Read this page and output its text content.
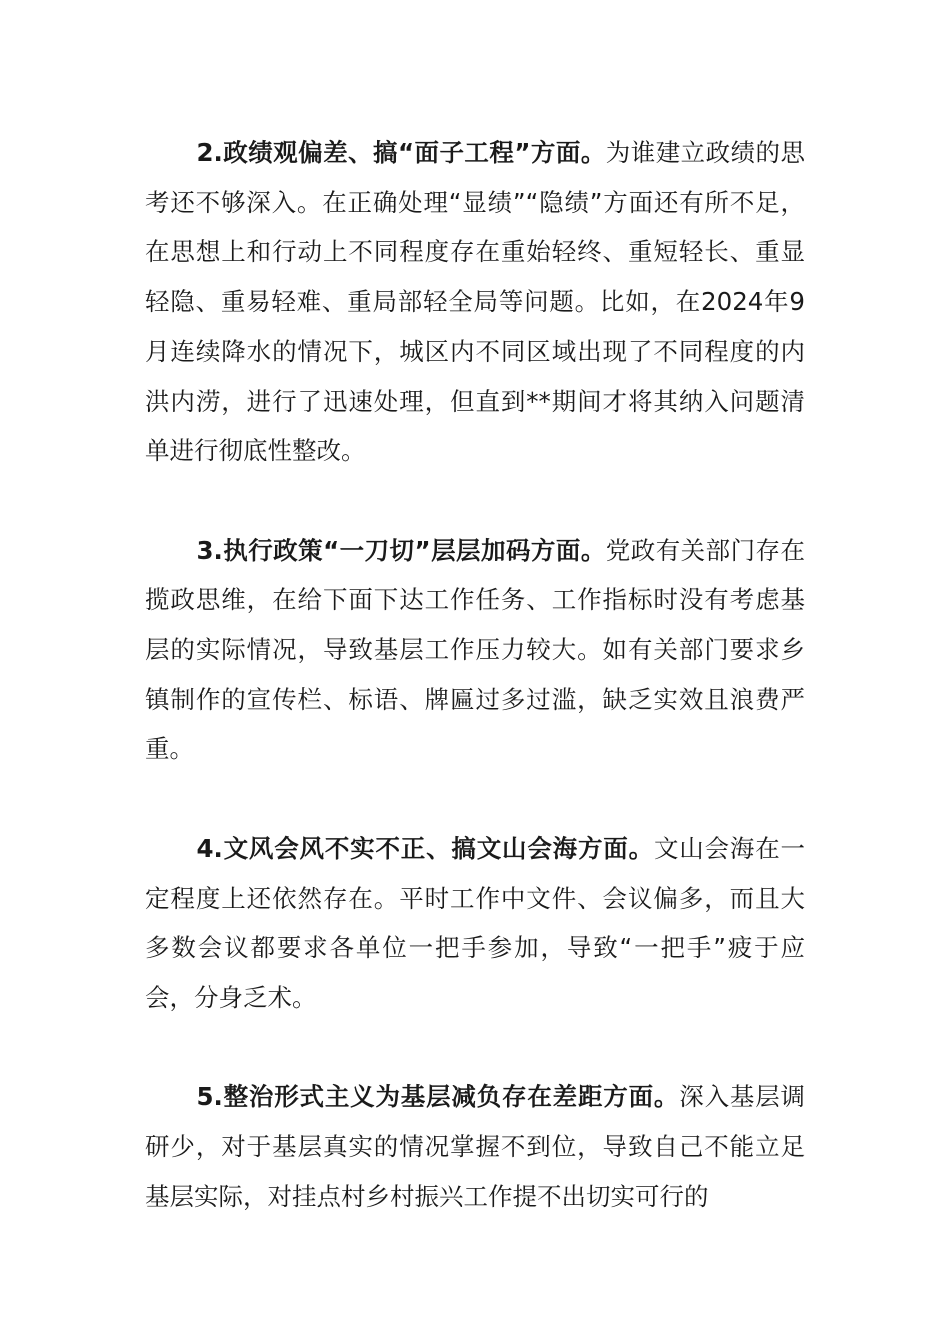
2.政绩观偏差、搞“面子工程”方面。为谁建立政绩的思考还不够深入。在正确处理“显绩”“隐绩”方面还有所不足，在思想上和行动上不同程度存在重始轻终、重短轻长、重显轻隐、重易轻难、重局部轻全局等问题。比如，在2024年9月连续降水的情况下，城区内不同区域出现了不同程度的内洪内涝，进行了迅速处理，但直到**期间才将其纳入问题清单进行彻底性整改。

3.执行政策“一刀切”层层加码方面。党政有关部门存在揽政思维，在给下面下达工作任务、工作指标时没有考虑基层的实际情况，导致基层工作压力较大。如有关部门要求乡镇制作的宣传栏、标语、牌匾过多过滥，缺乏实效且浪费严重。

4.文风会风不实不正、搞文山会海方面。文山会海在一定程度上还依然存在。平时工作中文件、会议偏多，而且大多数会议都要求各单位一把手参加，导致“一把手”疲于应会，分身乏术。

5.整治形式主义为基层减负存在差距方面。深入基层调研少，对于基层真实的情况掌握不到位，导致自己不能立足基层实际，对挂点村乡村振兴工作提不出切实可行的
